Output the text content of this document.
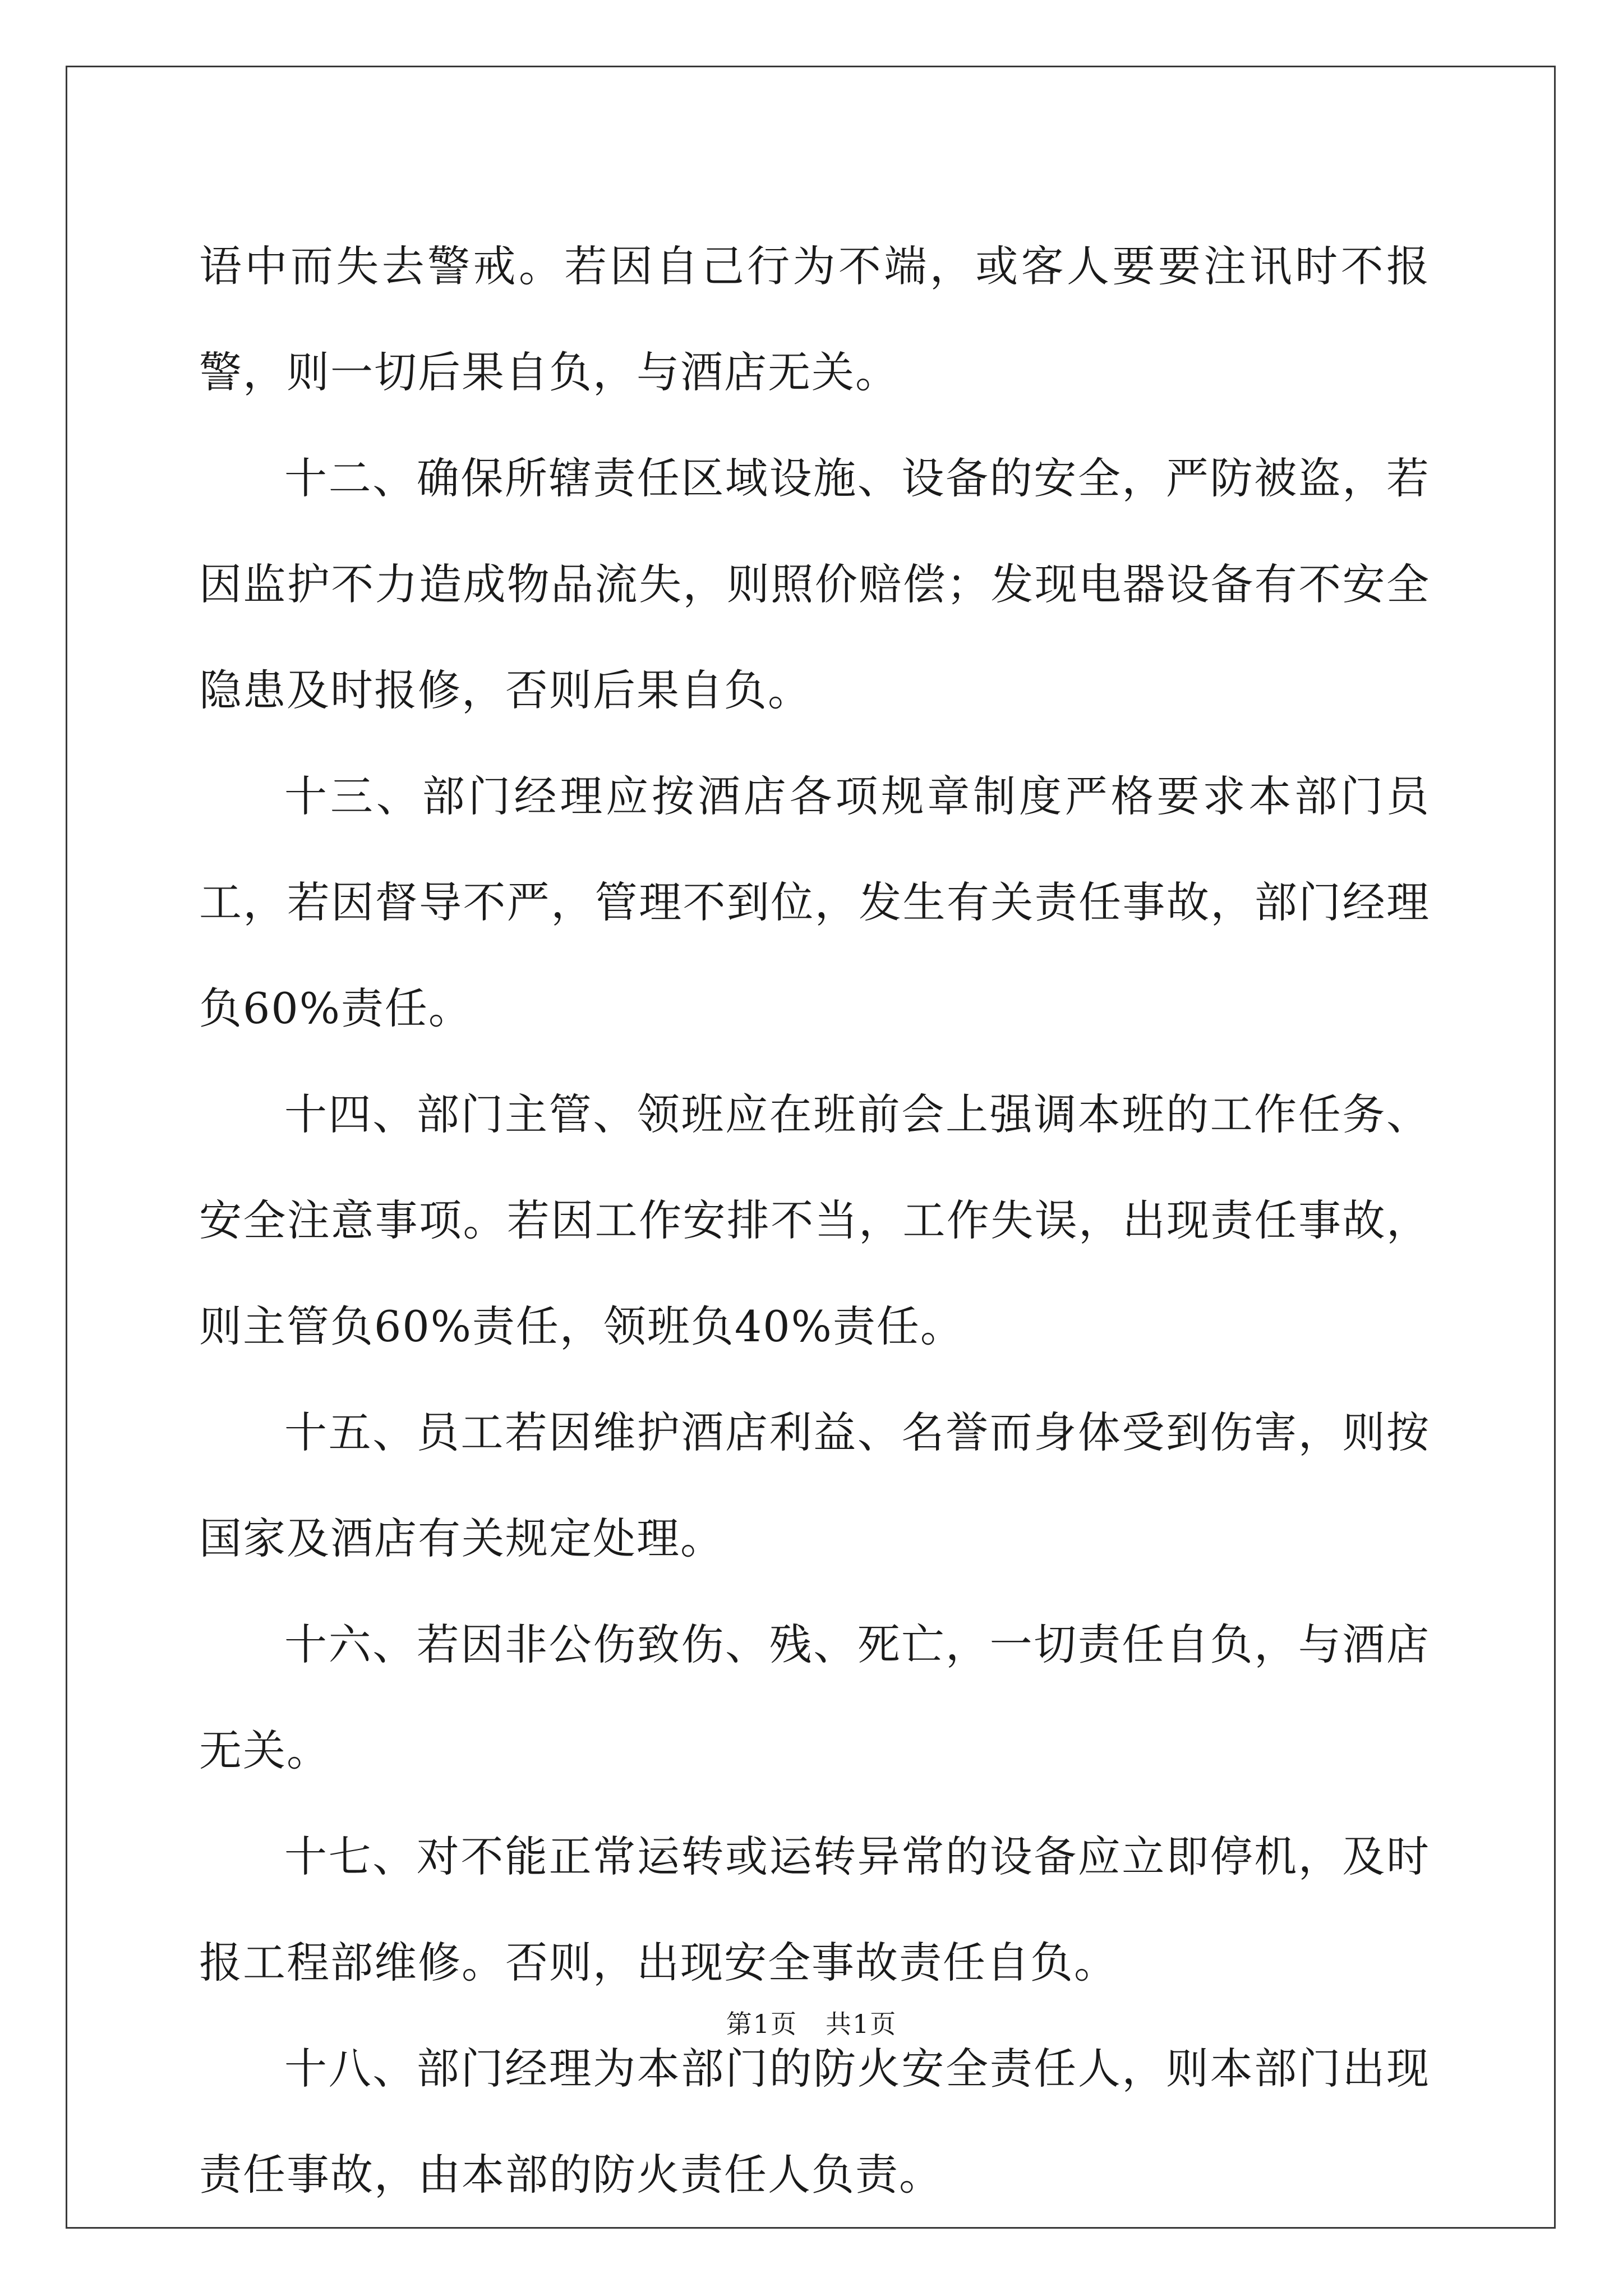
语中而失去警戒。若因自己行为不端，或客人要要注讯时不报警，则一切后果自负，与酒店无关。

十二、确保所辖责任区域设施、设备的安全，严防被盗，若因监护不力造成物品流失，则照价赔偿；发现电器设备有不安全隐患及时报修，否则后果自负。

十三、部门经理应按酒店各项规章制度严格要求本部门员工，若因督导不严，管理不到位，发生有关责任事故，部门经理负60%责任。

十四、部门主管、领班应在班前会上强调本班的工作任务、安全注意事项。若因工作安排不当，工作失误，出现责任事故，则主管负60%责任，领班负40%责任。

十五、员工若因维护酒店利益、名誉而身体受到伤害，则按国家及酒店有关规定处理。

十六、若因非公伤致伤、残、死亡，一切责任自负，与酒店无关。

十七、对不能正常运转或运转异常的设备应立即停机，及时报工程部维修。否则，出现安全事故责任自负。

十八、部门经理为本部门的防火安全责任人，则本部门出现责任事故，由本部的防火责任人负责。

第1页 共1页
